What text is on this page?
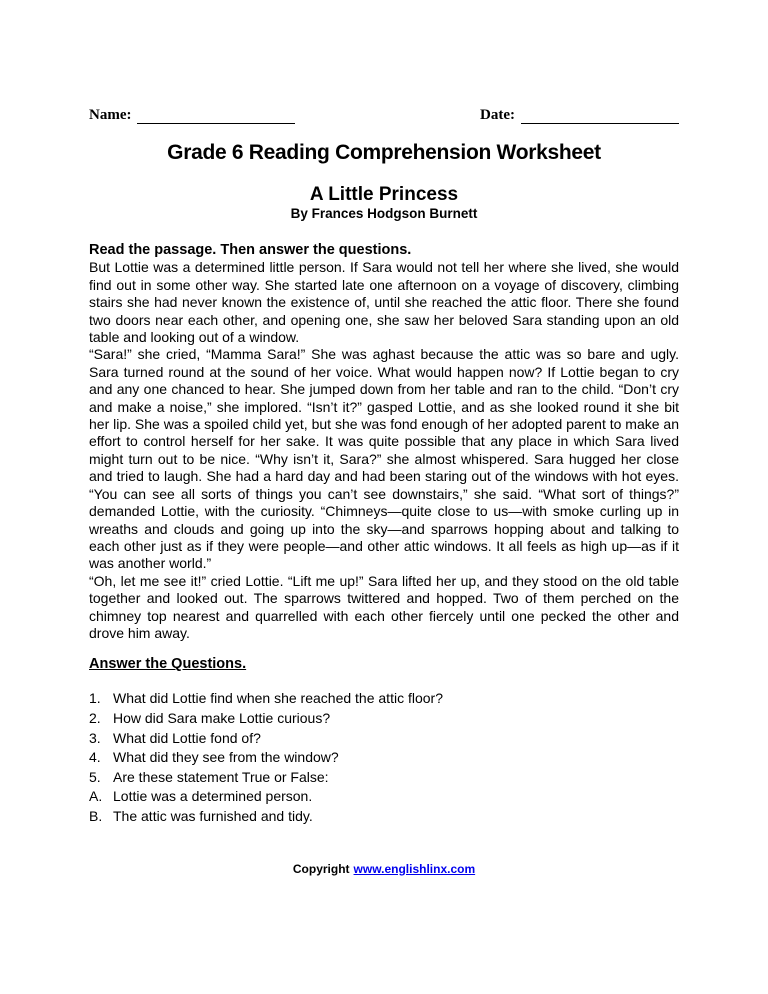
Name:	Date:
Grade 6 Reading Comprehension Worksheet
A Little Princess
By Frances Hodgson Burnett
Read the passage. Then answer the questions.

But Lottie was a determined little person. If Sara would not tell her where she lived, she would find out in some other way. She started late one afternoon on a voyage of discovery, climbing stairs she had never known the existence of, until she reached the attic floor. There she found two doors near each other, and opening one, she saw her beloved Sara standing upon an old table and looking out of a window.

“Sara!” she cried, “Mamma Sara!” She was aghast because the attic was so bare and ugly. Sara turned round at the sound of her voice. What would happen now? If Lottie began to cry and any one chanced to hear. She jumped down from her table and ran to the child. “Don’t cry and make a noise,” she implored. “Isn’t it?” gasped Lottie, and as she looked round it she bit her lip. She was a spoiled child yet, but she was fond enough of her adopted parent to make an effort to control herself for her sake. It was quite possible that any place in which Sara lived might turn out to be nice. “Why isn’t it, Sara?” she almost whispered. Sara hugged her close and tried to laugh. She had a hard day and had been staring out of the windows with hot eyes. “You can see all sorts of things you can’t see downstairs,” she said. “What sort of things?” demanded Lottie, with the curiosity. “Chimneys—quite close to us—with smoke curling up in wreaths and clouds and going up into the sky—and sparrows hopping about and talking to each other just as if they were people—and other attic windows. It all feels as high up—as if it was another world.”

“Oh, let me see it!” cried Lottie. “Lift me up!” Sara lifted her up, and they stood on the old table together and looked out. The sparrows twittered and hopped. Two of them perched on the chimney top nearest and quarrelled with each other fiercely until one pecked the other and drove him away.

Answer the Questions.
1. What did Lottie find when she reached the attic floor?
2. How did Sara make Lottie curious?
3. What did Lottie fond of?
4. What did they see from the window?
5. Are these statement True or False:
A. Lottie was a determined person.
B. The attic was furnished and tidy.
Copyright www.englishlinx.com
